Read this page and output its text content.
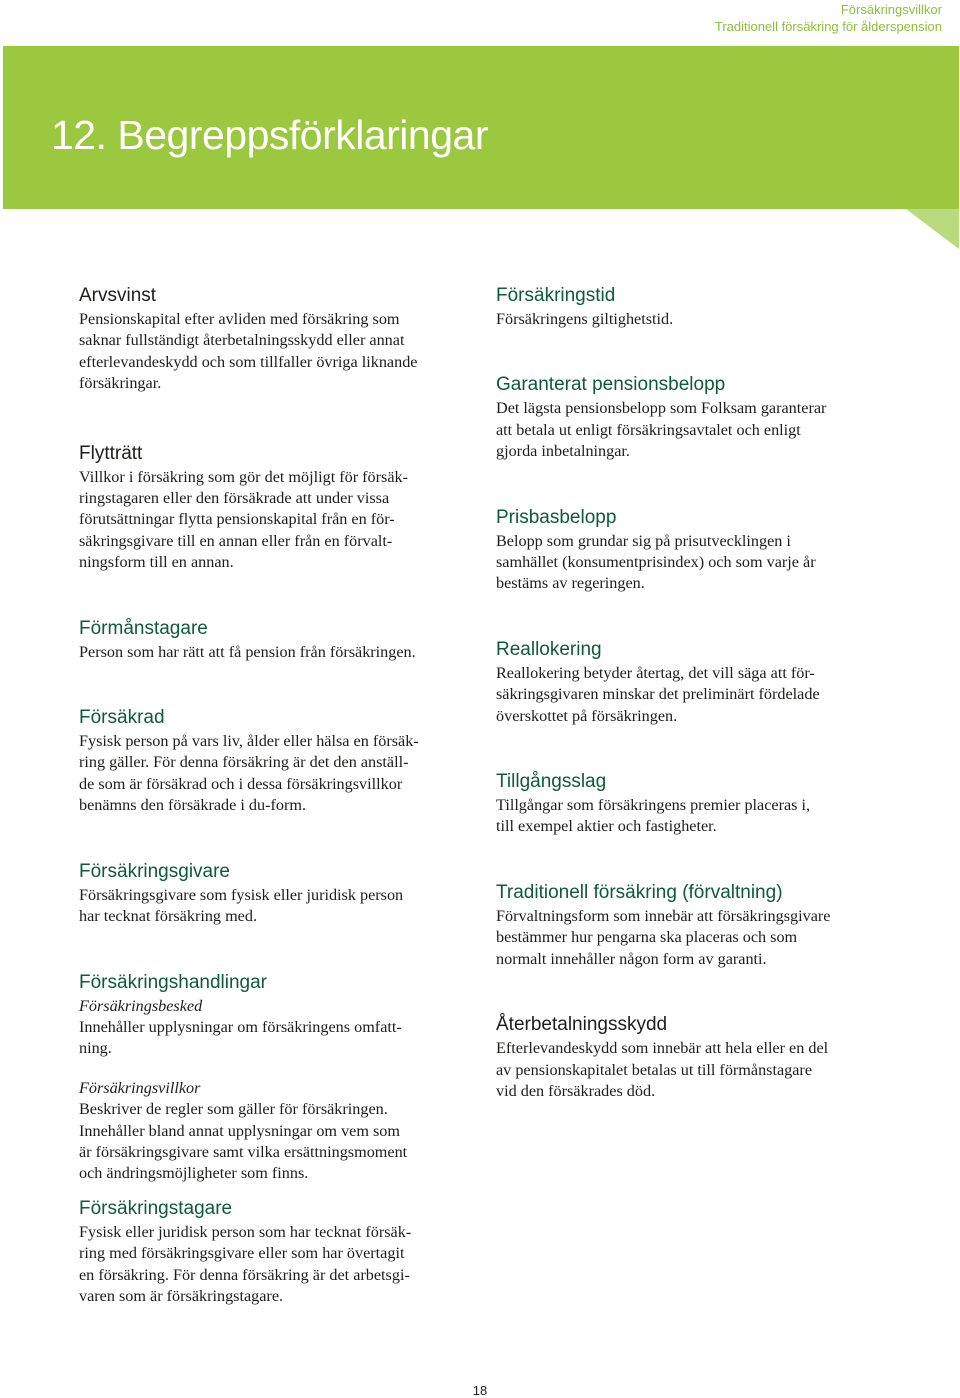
Försäkringsvillkor
Traditionell försäkring för ålderspension
12. Begreppsförklaringar
Arvsvinst

Pensionskapital efter avliden med försäkring som

saknar fullständigt återbetalningsskydd eller annat

efterlevandeskydd och som tillfaller övriga liknande

försäkringar.

Flytträtt

Villkor i försäkring som gör det möjligt för försäk-

ringstagaren eller den försäkrade att under vissa

förutsättningar flytta pensionskapital från en för-

säkringsgivare till en annan eller från en förvalt-

ningsform till en annan.

Förmånstagare

Person som har rätt att få pension från försäkringen.

Försäkrad

Fysisk person på vars liv, ålder eller hälsa en försäk-

ring gäller. För denna försäkring är det den anställ-

de som är försäkrad och i dessa försäkringsvillkor

benämns den försäkrade i du-form.

Försäkringsgivare

Försäkringsgivare som fysisk eller juridisk person

har tecknat försäkring med.

Försäkringshandlingar

Försäkringsbesked

Innehåller upplysningar om försäkringens omfatt-

ning.

Försäkringsvillkor

Beskriver de regler som gäller för försäkringen.

Innehåller bland annat upplysningar om vem som

är försäkringsgivare samt vilka ersättningsmoment

och ändringsmöjligheter som finns.

Försäkringstagare

Fysisk eller juridisk person som har tecknat försäk-

ring med försäkringsgivare eller som har övertagit

en försäkring. För denna försäkring är det arbetsgi-

varen som är försäkringstagare.

Försäkringstid

Försäkringens giltighetstid.

Garanterat pensionsbelopp

Det lägsta pensionsbelopp som Folksam garanterar

att betala ut enligt försäkringsavtalet och enligt

gjorda inbetalningar.

Prisbasbelopp

Belopp som grundar sig på prisutvecklingen i

samhället (konsumentprisindex) och som varje år

bestäms av regeringen.

Reallokering

Reallokering betyder återtag, det vill säga att för-

säkringsgivaren minskar det preliminärt fördelade

överskottet på försäkringen.

Tillgångsslag

Tillgångar som försäkringens premier placeras i,

till exempel aktier och fastigheter.

Traditionell försäkring (förvaltning)

Förvaltningsform som innebär att försäkringsgivare

bestämmer hur pengarna ska placeras och som

normalt innehåller någon form av garanti.

Återbetalningsskydd

Efterlevandeskydd som innebär att hela eller en del

av pensionskapitalet betalas ut till förmånstagare

vid den försäkrades död.

18
